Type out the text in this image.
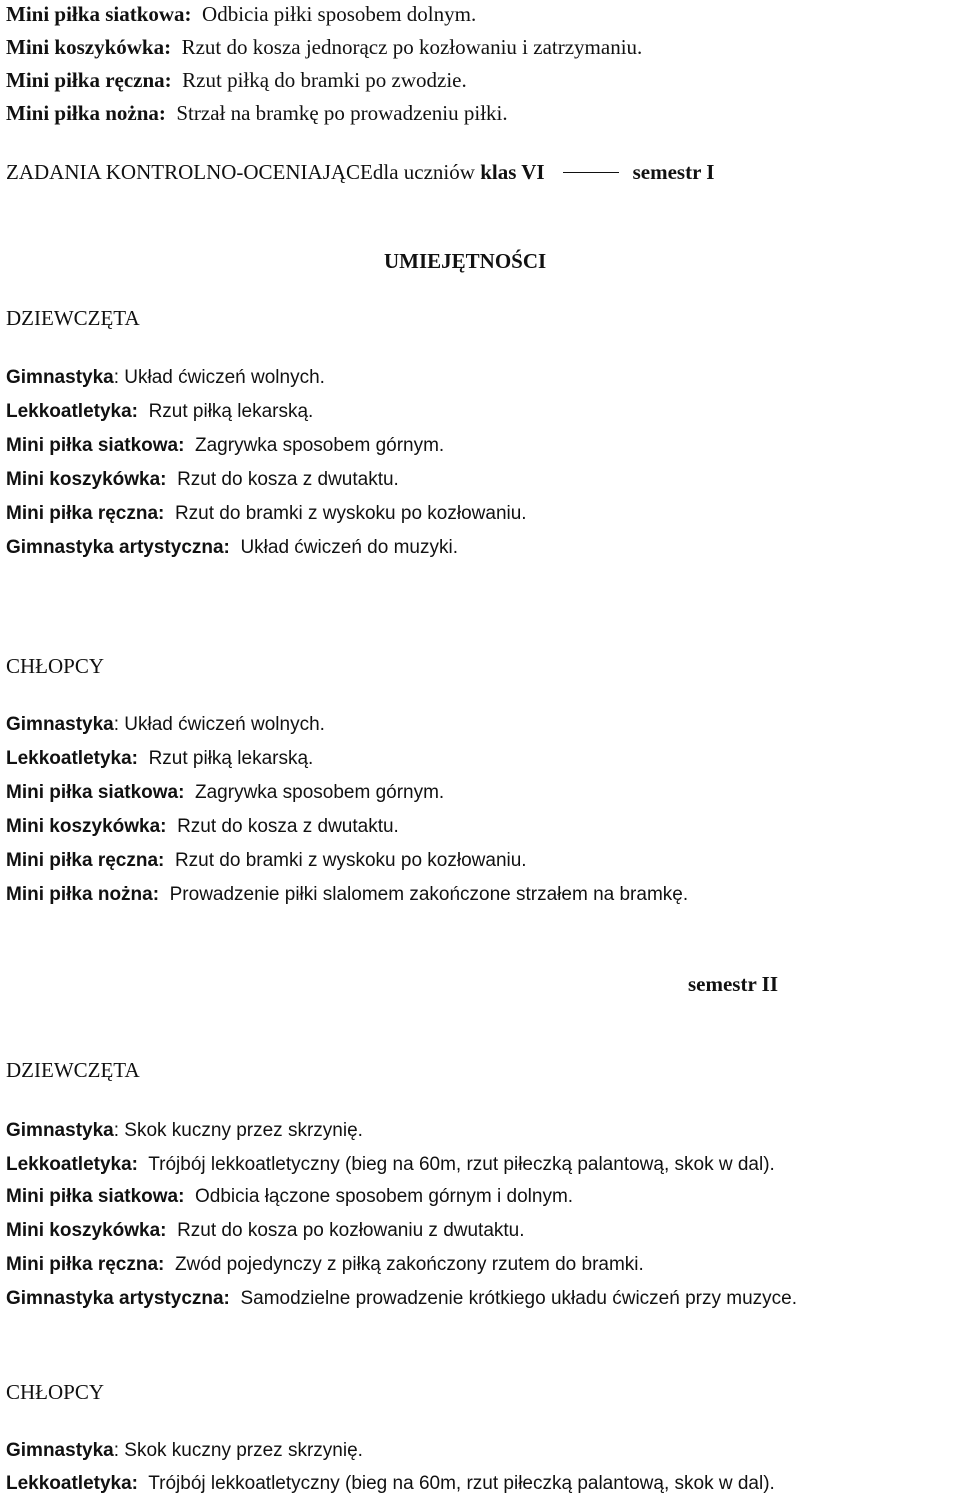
Mini piłka siatkowa: Odbicia piłki sposobem dolnym.
Mini koszykówka: Rzut do kosza jednorącz po kozłowaniu i zatrzymaniu.
Mini piłka ręczna: Rzut piłką do bramki po zwodzie.
Mini piłka nożna: Strzał na bramkę po prowadzeniu piłki.
ZADANIA KONTROLNO-OCENIAJĄCEdla uczniów klas VI	semestr I
UMIEJĘTNOŚCI
DZIEWCZĘTA
Gimnastyka: Układ ćwiczeń wolnych.
Lekkoatletyka: Rzut piłką lekarską.
Mini piłka siatkowa: Zagrywka sposobem górnym.
Mini koszykówka: Rzut do kosza z dwutaktu.
Mini piłka ręczna: Rzut do bramki z wyskoku po kozłowaniu.
Gimnastyka artystyczna: Układ ćwiczeń do muzyki.
CHŁOPCY
Gimnastyka: Układ ćwiczeń wolnych.
Lekkoatletyka: Rzut piłką lekarską.
Mini piłka siatkowa: Zagrywka sposobem górnym.
Mini koszykówka: Rzut do kosza z dwutaktu.
Mini piłka ręczna: Rzut do bramki z wyskoku po kozłowaniu.
Mini piłka nożna: Prowadzenie piłki slalomem zakończone strzałem na bramkę.
semestr II
DZIEWCZĘTA
Gimnastyka: Skok kuczny przez skrzynię.
Lekkoatletyka: Trójbój lekkoatletyczny (bieg na 60m, rzut piłeczką palantową, skok w dal).
Mini piłka siatkowa: Odbicia łączone sposobem górnym i dolnym.
Mini koszykówka: Rzut do kosza po kozłowaniu z dwutaktu.
Mini piłka ręczna: Zwód pojedynczy z piłką zakończony rzutem do bramki.
Gimnastyka artystyczna: Samodzielne prowadzenie krótkiego układu ćwiczeń przy muzyce.
CHŁOPCY
Gimnastyka: Skok kuczny przez skrzynię.
Lekkoatletyka: Trójbój lekkoatletyczny (bieg na 60m, rzut piłeczką palantową, skok w dal).
